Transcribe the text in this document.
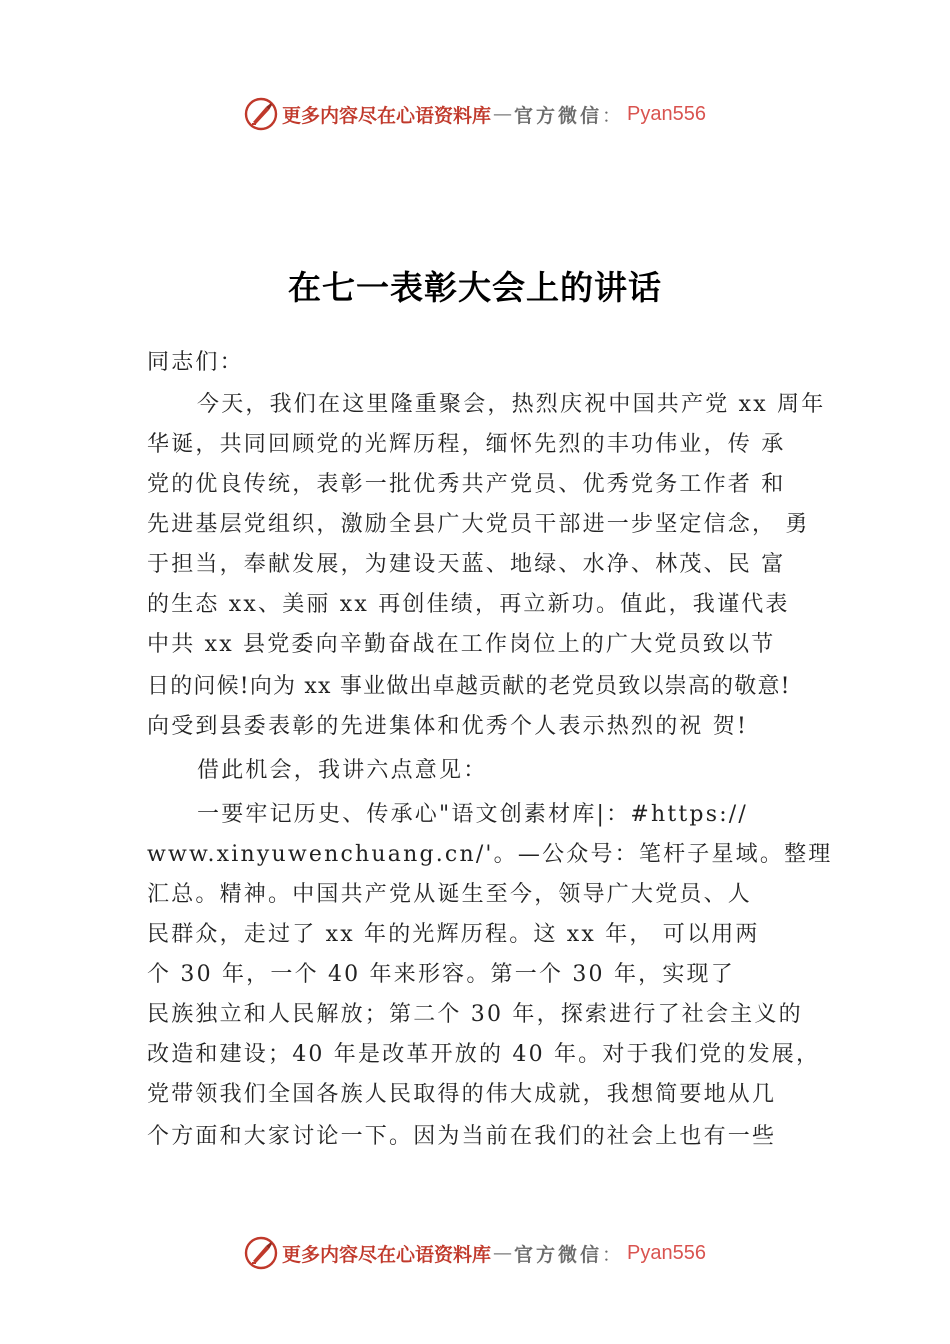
更多内容尽在心语资料库 — 官方微信 ： Pyan556
在七一表彰大会上的讲话
同志们：
今天，我们在这里隆重聚会，热烈庆祝中国共产党 xx 周年
华诞，共同回顾党的光辉历程，缅怀先烈的丰功伟业，传 承
党的优良传统，表彰一批优秀共产党员、优秀党务工作者 和
先进基层党组织，激励全县广大党员干部进一步坚定信念， 勇
于担当，奉献发展，为建设天蓝、地绿、水净、林茂、民 富
的生态 xx、美丽 xx 再创佳绩，再立新功。值此，我谨代表
中共 xx 县党委向辛勤奋战在工作岗位上的广大党员致以节
日的问候!向为 xx 事业做出卓越贡献的老党员致以崇高的敬意!
向受到县委表彰的先进集体和优秀个人表示热烈的祝 贺!
借此机会，我讲六点意见：
一要牢记历史、传承心"语文创素材库|：#https://
www.xinyuwenchuang.cn/'。—公众号：笔杆子星域。整理
汇总。精神。中国共产党从诞生至今，领导广大党员、人
民群众，走过了 xx 年的光辉历程。这 xx 年， 可以用两
个 30 年，一个 40 年来形容。第一个 30 年，实现了
民族独立和人民解放；第二个 30 年，探索进行了社会主义的
改造和建设；40 年是改革开放的 40 年。对于我们党的发展，
党带领我们全国各族人民取得的伟大成就，我想简要地从几
个方面和大家讨论一下。因为当前在我们的社会上也有一些
更多内容尽在心语资料库 — 官方微信 ： Pyan556
